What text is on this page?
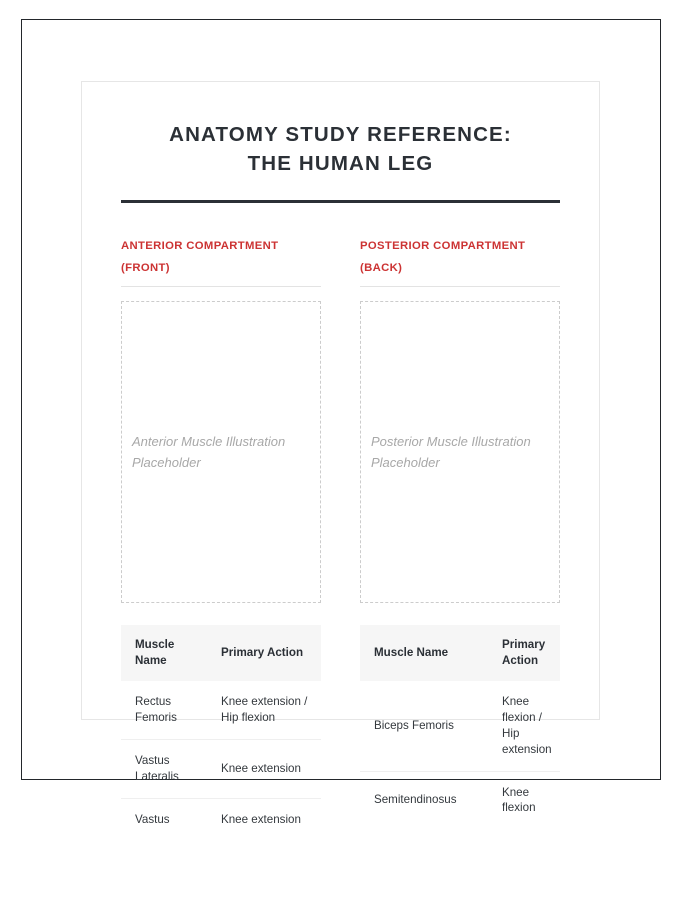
ANATOMY STUDY REFERENCE:
THE HUMAN LEG
ANTERIOR COMPARTMENT
(FRONT)
Anterior Muscle Illustration Placeholder
Muscle Name	Primary Action
Rectus Femoris	Knee extension / Hip flexion
Vastus Lateralis	Knee extension
Vastus	Knee extension
POSTERIOR COMPARTMENT
(BACK)
Posterior Muscle Illustration Placeholder
Muscle Name	Primary Action
Biceps Femoris	Knee flexion / Hip extension
Semitendinosus	Knee flexion
